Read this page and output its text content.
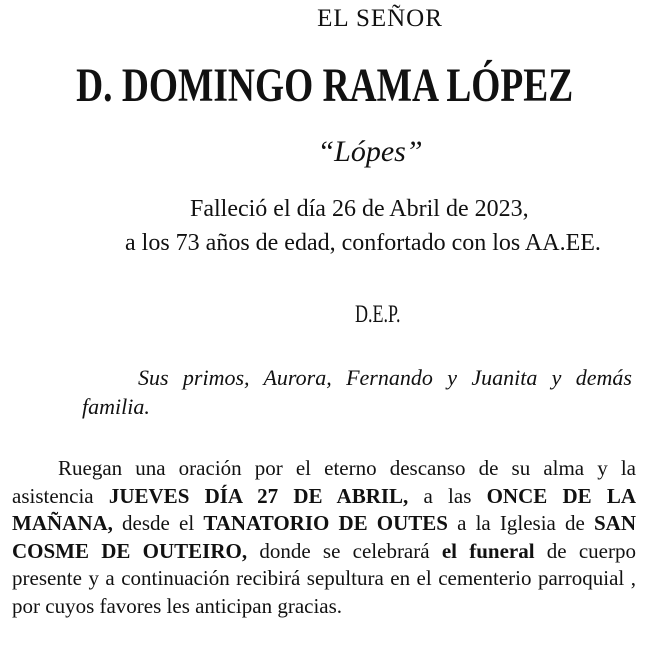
EL SEÑOR
D. DOMINGO RAMA LÓPEZ
“Lópes”
Falleció el día 26 de Abril de 2023,
a los 73 años de edad, confortado con los AA.EE.
D.E.P.
Sus primos, Aurora, Fernando y Juanita y demás familia.
Ruegan una oración por el eterno descanso de su alma y la asistencia JUEVES DÍA 27 DE ABRIL, a las ONCE DE LA MAÑANA, desde el TANATORIO DE OUTES a la Iglesia de SAN COSME DE OUTEIRO, donde se celebrará el funeral de cuerpo presente y a continuación recibirá sepultura en el cementerio parroquial , por cuyos favores les anticipan gracias.
